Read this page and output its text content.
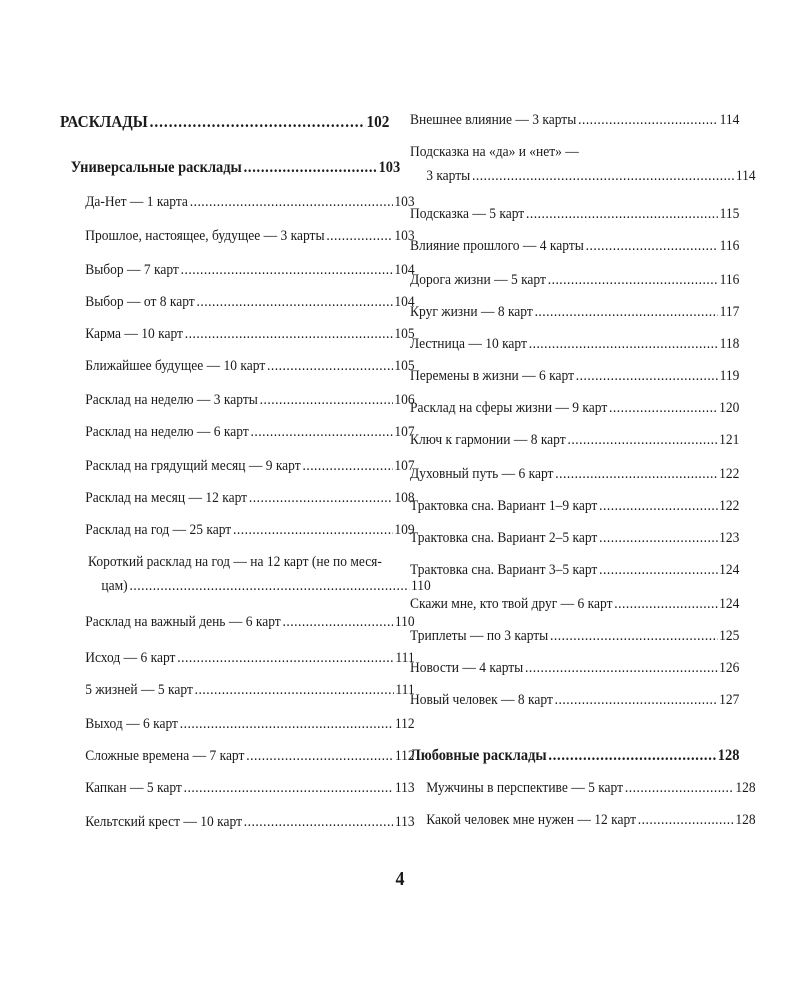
РАСКЛАДЫ . . .	102
Универсальные расклады . . .	103
Да-Нет — 1 карта . . .	103
Прошлое, настоящее, будущее — 3 карты . . .	103
Выбор — 7 карт . . .	104
Выбор — от 8 карт . . .	104
Карма — 10 карт . . .	105
Ближайшее будущее — 10 карт . . .	105
Расклад на неделю — 3 карты . . .	106
Расклад на неделю — 6 карт . . .	107
Расклад на грядущий месяц — 9 карт . . .	107
Расклад на месяц — 12 карт . . .	108
Расклад на год — 25 карт . . .	109
Короткий расклад на год — на 12 карт (не по меся-
цам) . . .	110
Расклад на важный день — 6 карт . . .	110
Исход — 6 карт . . .	111
5 жизней — 5 карт . . .	111
Выход — 6 карт . . .	112
Сложные времена — 7 карт . . .	112
Капкан — 5 карт . . .	113
Кельтский крест — 10 карт . . .	113
Внешнее влияние — 3 карты . . .	114
Подсказка на «да» и «нет» —
3 карты . . .	114
Подсказка — 5 карт . . .	115
Влияние прошлого — 4 карты . . .	116
Дорога жизни — 5 карт . . .	116
Круг жизни — 8 карт . . .	117
Лестница — 10 карт . . .	118
Перемены в жизни — 6 карт . . .	119
Расклад на сферы жизни — 9 карт . . .	120
Ключ к гармонии — 8 карт . . .	121
Духовный путь — 6 карт . . .	122
Трактовка сна. Вариант 1–9 карт . . .	122
Трактовка сна. Вариант 2–5 карт . . .	123
Трактовка сна. Вариант 3–5 карт . . .	124
Скажи мне, кто твой друг — 6 карт . . .	124
Триплеты — по 3 карты . . .	125
Новости — 4 карты . . .	126
Новый человек — 8 карт . . .	127
Любовные расклады . . .	128
Мужчины в перспективе — 5 карт . . .	128
Какой человек мне нужен — 12 карт . . .	128
4
